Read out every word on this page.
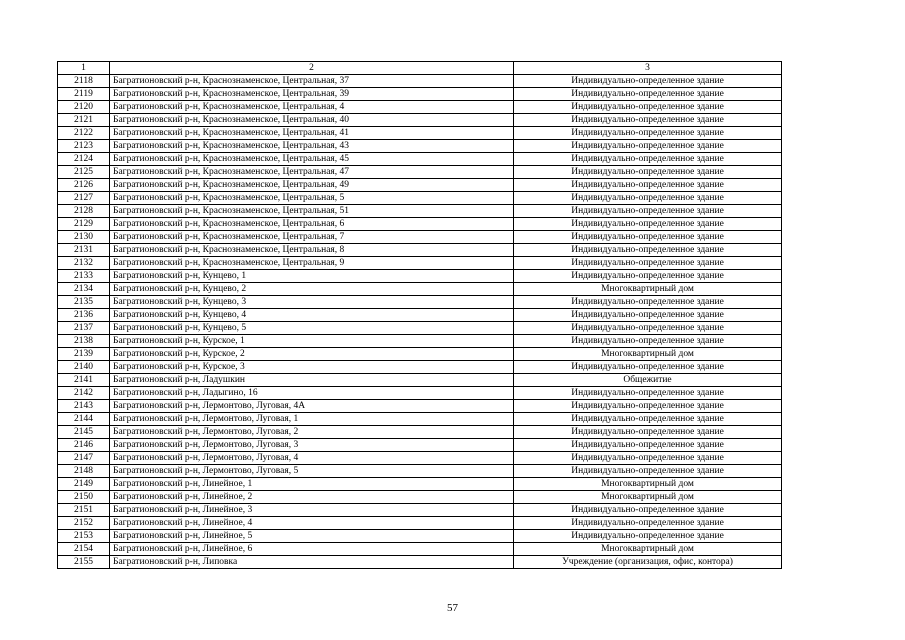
1	2	3
2118	Багратионовский р-н, Краснознаменское, Центральная, 37	Индивидуально-определенное здание
2119	Багратионовский р-н, Краснознаменское, Центральная, 39	Индивидуально-определенное здание
2120	Багратионовский р-н, Краснознаменское, Центральная, 4	Индивидуально-определенное здание
2121	Багратионовский р-н, Краснознаменское, Центральная, 40	Индивидуально-определенное здание
2122	Багратионовский р-н, Краснознаменское, Центральная, 41	Индивидуально-определенное здание
2123	Багратионовский р-н, Краснознаменское, Центральная, 43	Индивидуально-определенное здание
2124	Багратионовский р-н, Краснознаменское, Центральная, 45	Индивидуально-определенное здание
2125	Багратионовский р-н, Краснознаменское, Центральная, 47	Индивидуально-определенное здание
2126	Багратионовский р-н, Краснознаменское, Центральная, 49	Индивидуально-определенное здание
2127	Багратионовский р-н, Краснознаменское, Центральная, 5	Индивидуально-определенное здание
2128	Багратионовский р-н, Краснознаменское, Центральная, 51	Индивидуально-определенное здание
2129	Багратионовский р-н, Краснознаменское, Центральная, 6	Индивидуально-определенное здание
2130	Багратионовский р-н, Краснознаменское, Центральная, 7	Индивидуально-определенное здание
2131	Багратионовский р-н, Краснознаменское, Центральная, 8	Индивидуально-определенное здание
2132	Багратионовский р-н, Краснознаменское, Центральная, 9	Индивидуально-определенное здание
2133	Багратионовский р-н, Кунцево, 1	Индивидуально-определенное здание
2134	Багратионовский р-н, Кунцево, 2	Многоквартирный дом
2135	Багратионовский р-н, Кунцево, 3	Индивидуально-определенное здание
2136	Багратионовский р-н, Кунцево, 4	Индивидуально-определенное здание
2137	Багратионовский р-н, Кунцево, 5	Индивидуально-определенное здание
2138	Багратионовский р-н, Курское, 1	Индивидуально-определенное здание
2139	Багратионовский р-н, Курское, 2	Многоквартирный дом
2140	Багратионовский р-н, Курское, 3	Индивидуально-определенное здание
2141	Багратионовский р-н, Ладушкин	Общежитие
2142	Багратионовский р-н, Ладыгино, 16	Индивидуально-определенное здание
2143	Багратионовский р-н, Лермонтово, Луговая, 4А	Индивидуально-определенное здание
2144	Багратионовский р-н, Лермонтово, Луговая, 1	Индивидуально-определенное здание
2145	Багратионовский р-н, Лермонтово, Луговая, 2	Индивидуально-определенное здание
2146	Багратионовский р-н, Лермонтово, Луговая, 3	Индивидуально-определенное здание
2147	Багратионовский р-н, Лермонтово, Луговая, 4	Индивидуально-определенное здание
2148	Багратионовский р-н, Лермонтово, Луговая, 5	Индивидуально-определенное здание
2149	Багратионовский р-н, Линейное, 1	Многоквартирный дом
2150	Багратионовский р-н, Линейное, 2	Многоквартирный дом
2151	Багратионовский р-н, Линейное, 3	Индивидуально-определенное здание
2152	Багратионовский р-н, Линейное, 4	Индивидуально-определенное здание
2153	Багратионовский р-н, Линейное, 5	Индивидуально-определенное здание
2154	Багратионовский р-н, Линейное, 6	Многоквартирный дом
2155	Багратионовский р-н, Липовка	Учреждение (организация, офис, контора)
57
